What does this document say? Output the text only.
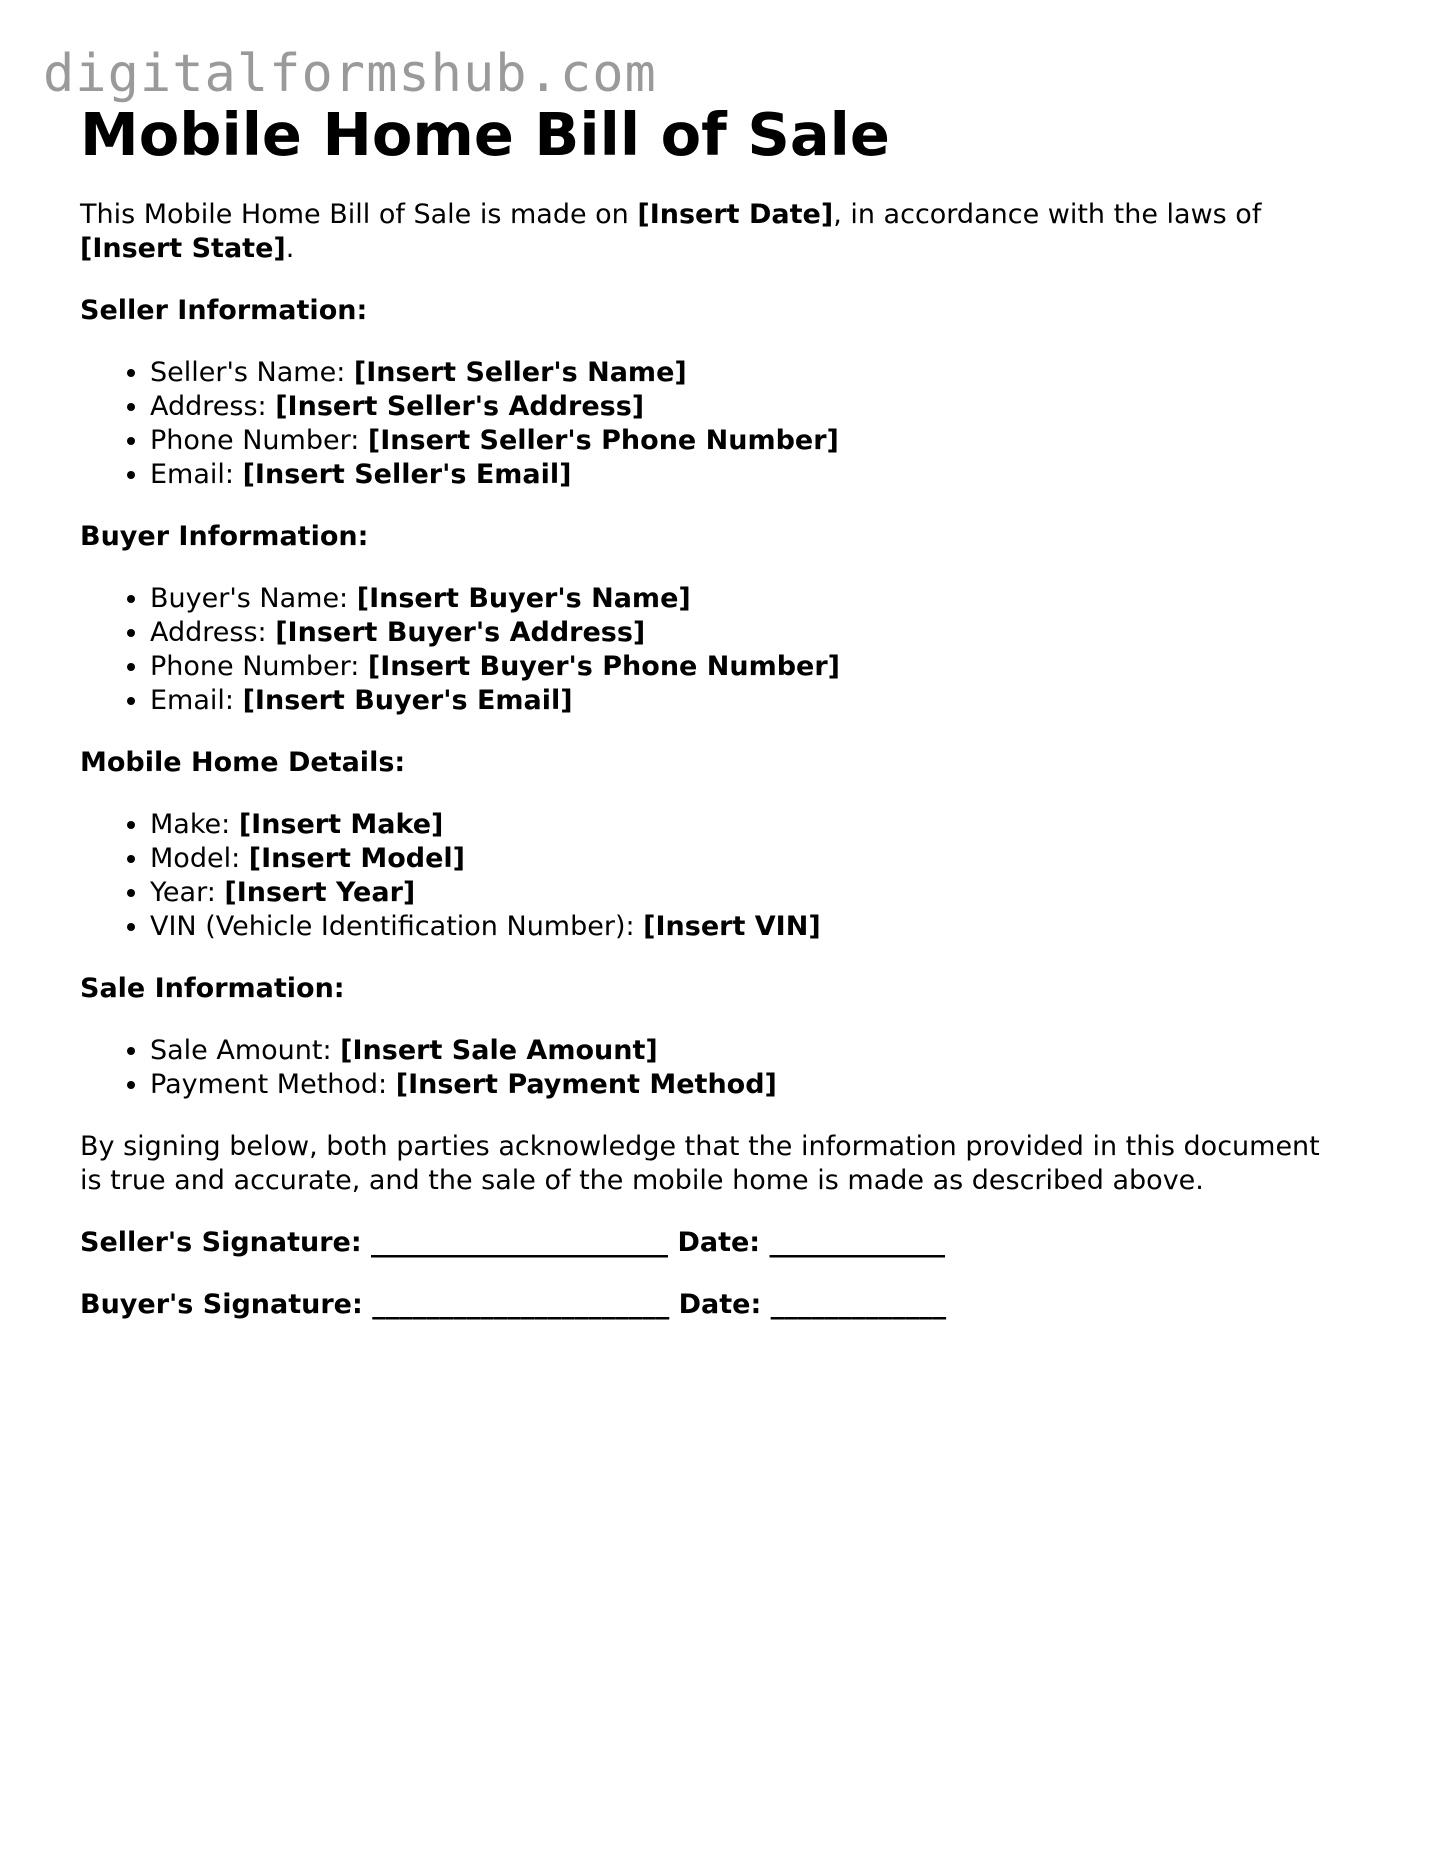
digitalformshub.com
Mobile Home Bill of Sale

This Mobile Home Bill of Sale is made on [Insert Date], in accordance with the laws of [Insert State].

Seller Information:

• Seller's Name: [Insert Seller's Name]
• Address: [Insert Seller's Address]
• Phone Number: [Insert Seller's Phone Number]
• Email: [Insert Seller's Email]

Buyer Information:

• Buyer's Name: [Insert Buyer's Name]
• Address: [Insert Buyer's Address]
• Phone Number: [Insert Buyer's Phone Number]
• Email: [Insert Buyer's Email]

Mobile Home Details:

• Make: [Insert Make]
• Model: [Insert Model]
• Year: [Insert Year]
• VIN (Vehicle Identification Number): [Insert VIN]

Sale Information:

• Sale Amount: [Insert Sale Amount]
• Payment Method: [Insert Payment Method]

By signing below, both parties acknowledge that the information provided in this document is true and accurate, and the sale of the mobile home is made as described above.

Seller's Signature: ______________________ Date: _____________

Buyer's Signature: ______________________ Date: _____________
